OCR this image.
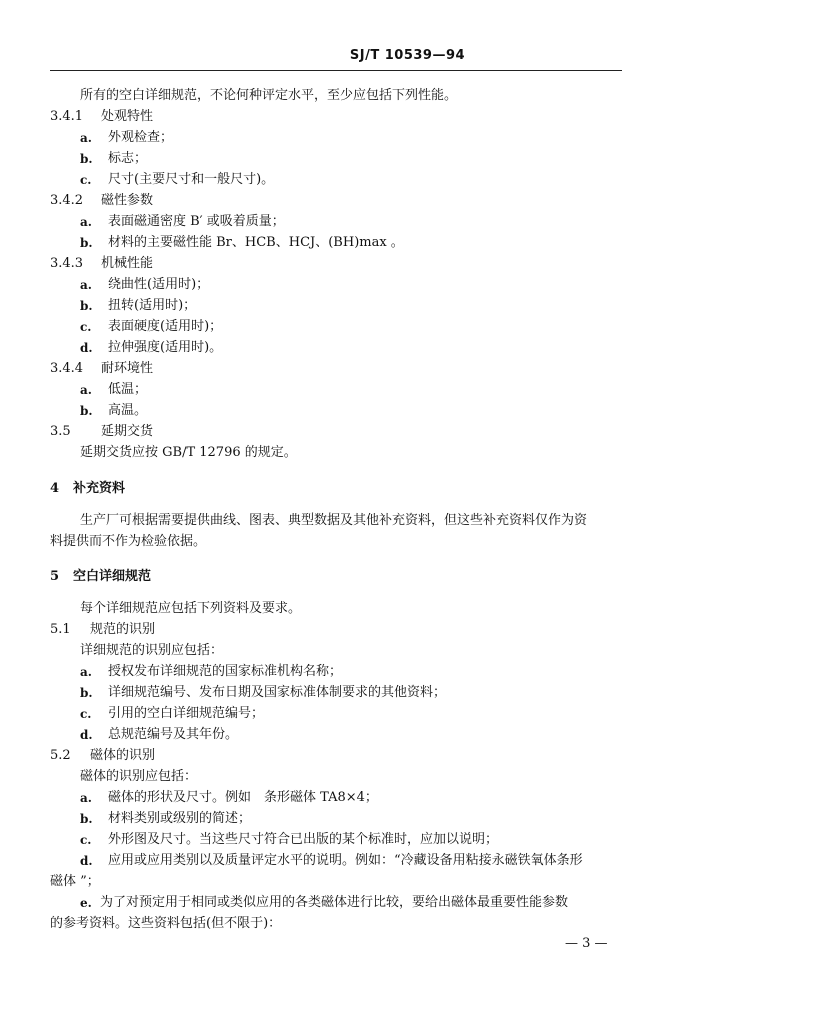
SJ/T 10539—94
所有的空白详细规范，不论何种评定水平，至少应包括下列性能。
3.4.1 处观特性
a. 外观检查；
b. 标志；
c. 尺寸(主要尺寸和一般尺寸)。
3.4.2 磁性参数
a. 表面磁通密度 B′ 或吸着质量；
b. 材料的主要磁性能 Br、HCB、HCJ、(BH)max 。
3.4.3 机械性能
a. 绕曲性(适用时)；
b. 扭转(适用时)；
c. 表面硬度(适用时)；
d. 拉伸强度(适用时)。
3.4.4 耐环境性
a. 低温；
b. 高温。
3.5 延期交货
延期交货应按 GB/T 12796 的规定。
4 补充资料
生产厂可根据需要提供曲线、图表、典型数据及其他补充资料，但这些补充资料仅作为资
料提供而不作为检验依据。
5 空白详细规范
每个详细规范应包括下列资料及要求。
5.1 规范的识别
详细规范的识别应包括：
a. 授权发布详细规范的国家标准机构名称；
b. 详细规范编号、发布日期及国家标准体制要求的其他资料；
c. 引用的空白详细规范编号；
d. 总规范编号及其年份。
5.2 磁体的识别
磁体的识别应包括：
a. 磁体的形状及尺寸。例如　条形磁体 TA8×4；
b. 材料类别或级别的简述；
c. 外形图及尺寸。当这些尺寸符合已出版的某个标准时，应加以说明；
d. 应用或应用类别以及质量评定水平的说明。例如：“冷藏设备用粘接永磁铁氧体条形
磁体 ”；
e. 为了对预定用于相同或类似应用的各类磁体进行比较，要给出磁体最重要性能参数
的参考资料。这些资料包括(但不限于)：
— 3 —
